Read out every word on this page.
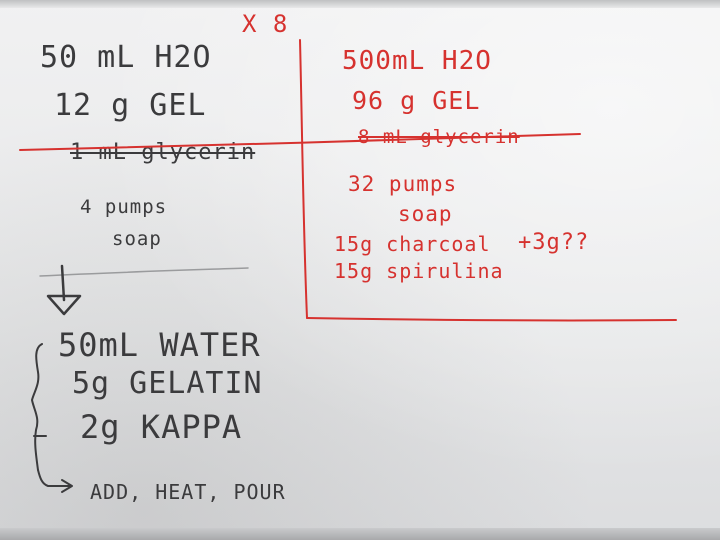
X 8
50 mL H2O
12 g GEL
1 mL glycerin
4 pumps
soap
500mL H2O
96 g GEL
8 mL glycerin
32 pumps
soap
15g charcoal +3g??
15g spirulina
50mL WATER
5g GELATIN
2g KAPPA
ADD, HEAT, POUR
